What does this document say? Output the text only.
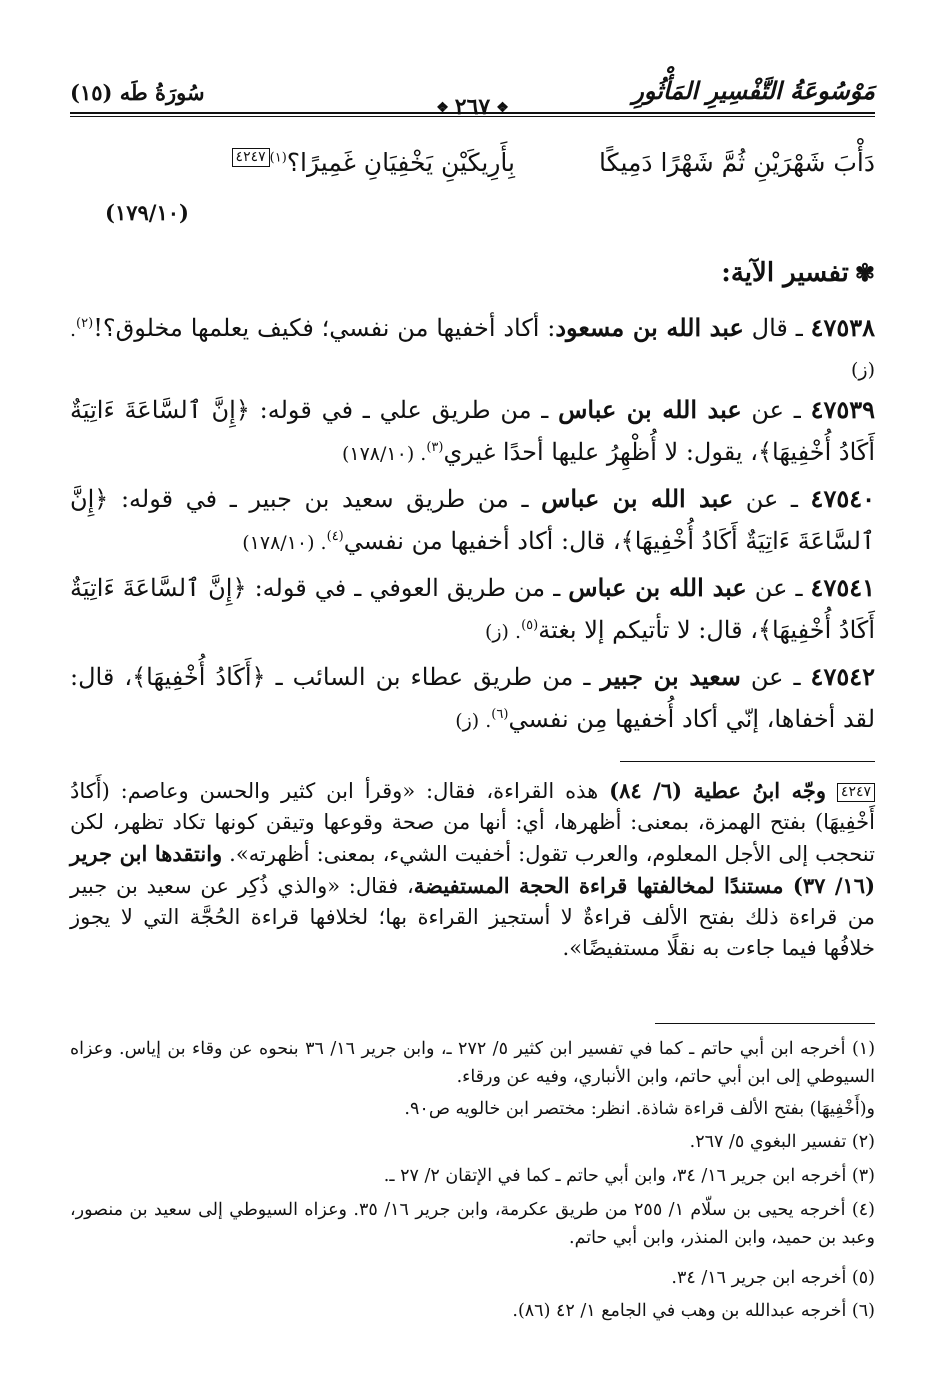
مَوْسُوعَةُ التَّفْسِيرِ المَأْثُورِ
❖ ٢٦٧ ❖
سُورَةُ طَه (١٥)
دَأْبَ شَهْرَيْنِ ثُمَّ شَهْرًا دَمِيكًا
بِأَرِيكَيْنِ يَخْفِيَانِ غَمِيرًا؟$^{(١)}$٤٢٤٧
(١٧٩/١٠)
✾تفسير الآية:
٤٧٥٣٨ ـ قال عبد الله بن مسعود: أكاد أخفيها من نفسي؛ فكيف يعلمها مخلوق؟!$^{(٢)}$. (ز)
٤٧٥٣٩ ـ عن عبد الله بن عباس ـ من طريق علي ـ في قوله: ﴿إِنَّ ٱلسَّاعَةَ ءَاتِيَةٌ أَكَادُ أُخْفِيهَا﴾، يقول: لا أُظْهِرُ عليها أحدًا غيري$^{(٣)}$. (١٧٨/١٠)
٤٧٥٤٠ ـ عن عبد الله بن عباس ـ من طريق سعيد بن جبير ـ في قوله: ﴿إِنَّ ٱلسَّاعَةَ ءَاتِيَةٌ أَكَادُ أُخْفِيهَا﴾، قال: أكاد أخفيها من نفسي$^{(٤)}$. (١٧٨/١٠)
٤٧٥٤١ ـ عن عبد الله بن عباس ـ من طريق العوفي ـ في قوله: ﴿إِنَّ ٱلسَّاعَةَ ءَاتِيَةٌ أَكَادُ أُخْفِيهَا﴾، قال: لا تأتيكم إلا بغتة$^{(٥)}$. (ز)
٤٧٥٤٢ ـ عن سعيد بن جبير ـ من طريق عطاء بن السائب ـ ﴿أَكَادُ أُخْفِيهَا﴾، قال: لقد أخفاها، إنّي أكاد أُخفيها مِن نفسي$^{(٦)}$. (ز)
٤٢٤٧ وجّه ابنُ عطية (٦/ ٨٤) هذه القراءة، فقال: «وقرأ ابن كثير والحسن وعاصم: (أَكادُ أَخْفِيهَا) بفتح الهمزة، بمعنى: أظهرها، أي: أنها من صحة وقوعها وتيقن كونها تكاد تظهر، لكن تنحجب إلى الأجل المعلوم، والعرب تقول: أخفيت الشيء، بمعنى: أظهرته». وانتقدها ابن جرير (١٦/ ٣٧) مستندًا لمخالفتها قراءة الحجة المستفيضة، فقال: «والذي ذُكِر عن سعيد بن جبير من قراءة ذلك بفتح الألف قراءةٌ لا أستجيز القراءة بها؛ لخلافها قراءة الحُجَّة التي لا يجوز خلافُها فيما جاءت به نقلًا مستفيضًا».
(١) أخرجه ابن أبي حاتم ـ كما في تفسير ابن كثير ٥/ ٢٧٢ ـ، وابن جرير ١٦/ ٣٦ بنحوه عن وقاء بن إياس. وعزاه السيوطي إلى ابن أبي حاتم، وابن الأنباري، وفيه عن ورقاء.
و(أَخْفِيهَا) بفتح الألف قراءة شاذة. انظر: مختصر ابن خالويه ص٩٠.
(٢) تفسير البغوي ٥/ ٢٦٧.
(٣) أخرجه ابن جرير ١٦/ ٣٤، وابن أبي حاتم ـ كما في الإتقان ٢/ ٢٧ ـ.
(٤) أخرجه يحيى بن سلّام ١/ ٢٥٥ من طريق عكرمة، وابن جرير ١٦/ ٣٥. وعزاه السيوطي إلى سعيد بن منصور، وعبد بن حميد، وابن المنذر، وابن أبي حاتم.
(٥) أخرجه ابن جرير ١٦/ ٣٤.
(٦) أخرجه عبدالله بن وهب في الجامع ١/ ٤٢ (٨٦).
